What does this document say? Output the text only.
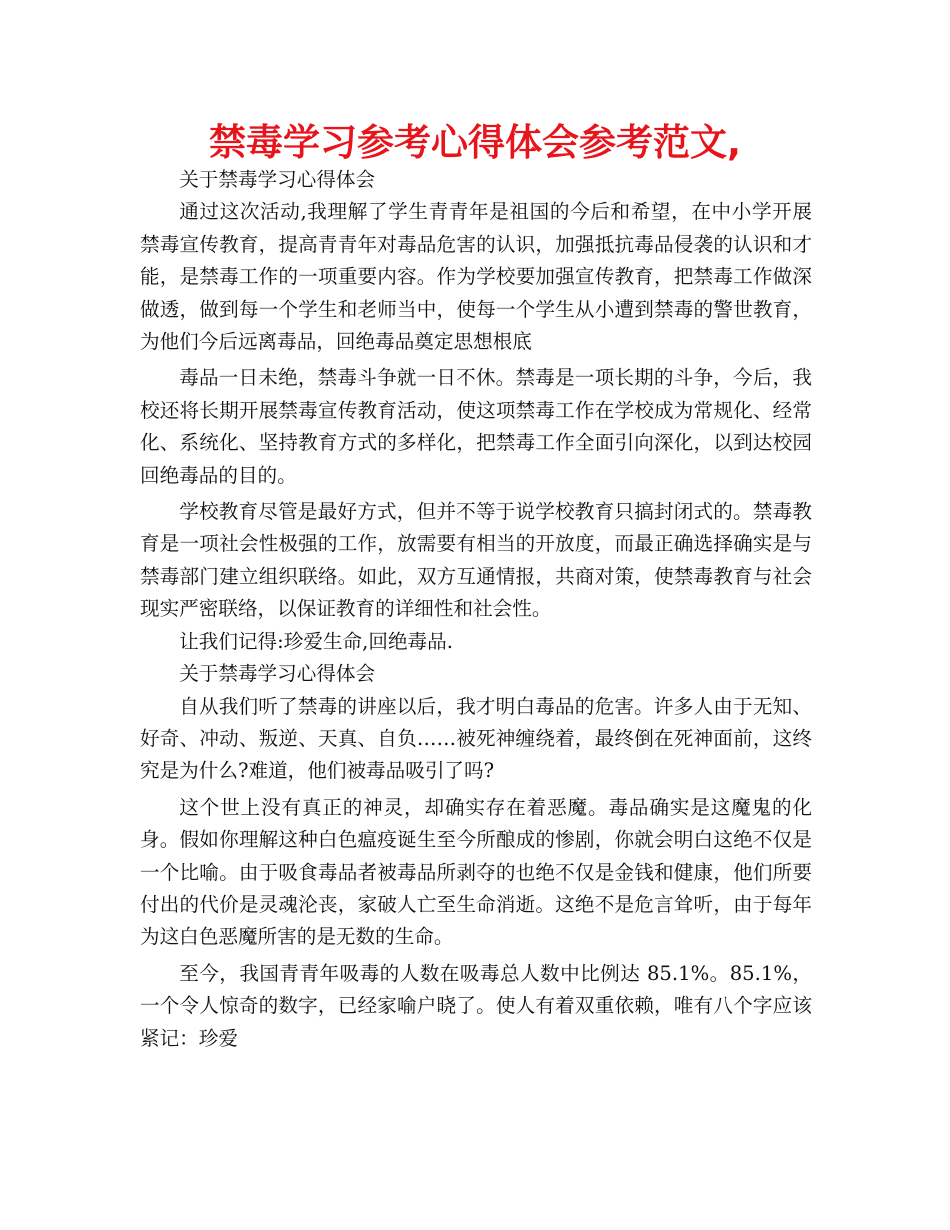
禁毒学习参考心得体会参考范文,

关于禁毒学习心得体会

通过这次活动,我理解了学生青青年是祖国的今后和希望，在中小学开展禁毒宣传教育，提高青青年对毒品危害的认识，加强抵抗毒品侵袭的认识和才能，是禁毒工作的一项重要内容。作为学校要加强宣传教育，把禁毒工作做深做透，做到每一个学生和老师当中，使每一个学生从小遭到禁毒的警世教育，为他们今后远离毒品，回绝毒品奠定思想根底

毒品一日未绝，禁毒斗争就一日不休。禁毒是一项长期的斗争，今后，我校还将长期开展禁毒宣传教育活动，使这项禁毒工作在学校成为常规化、经常化、系统化、坚持教育方式的多样化，把禁毒工作全面引向深化，以到达校园回绝毒品的目的。

学校教育尽管是最好方式，但并不等于说学校教育只搞封闭式的。禁毒教育是一项社会性极强的工作，放需要有相当的开放度，而最正确选择确实是与禁毒部门建立组织联络。如此，双方互通情报，共商对策，使禁毒教育与社会现实严密联络，以保证教育的详细性和社会性。

让我们记得:珍爱生命,回绝毒品.

关于禁毒学习心得体会

自从我们听了禁毒的讲座以后，我才明白毒品的危害。许多人由于无知、好奇、冲动、叛逆、天真、自负……被死神缠绕着，最终倒在死神面前，这终究是为什么?难道，他们被毒品吸引了吗?

这个世上没有真正的神灵，却确实存在着恶魔。毒品确实是这魔鬼的化身。假如你理解这种白色瘟疫诞生至今所酿成的惨剧，你就会明白这绝不仅是一个比喻。由于吸食毒品者被毒品所剥夺的也绝不仅是金钱和健康，他们所要付出的代价是灵魂沦丧，家破人亡至生命消逝。这绝不是危言耸听，由于每年为这白色恶魔所害的是无数的生命。

至今，我国青青年吸毒的人数在吸毒总人数中比例达 85.1%。85.1%，一个令人惊奇的数字，已经家喻户晓了。使人有着双重依赖，唯有八个字应该紧记：珍爱
